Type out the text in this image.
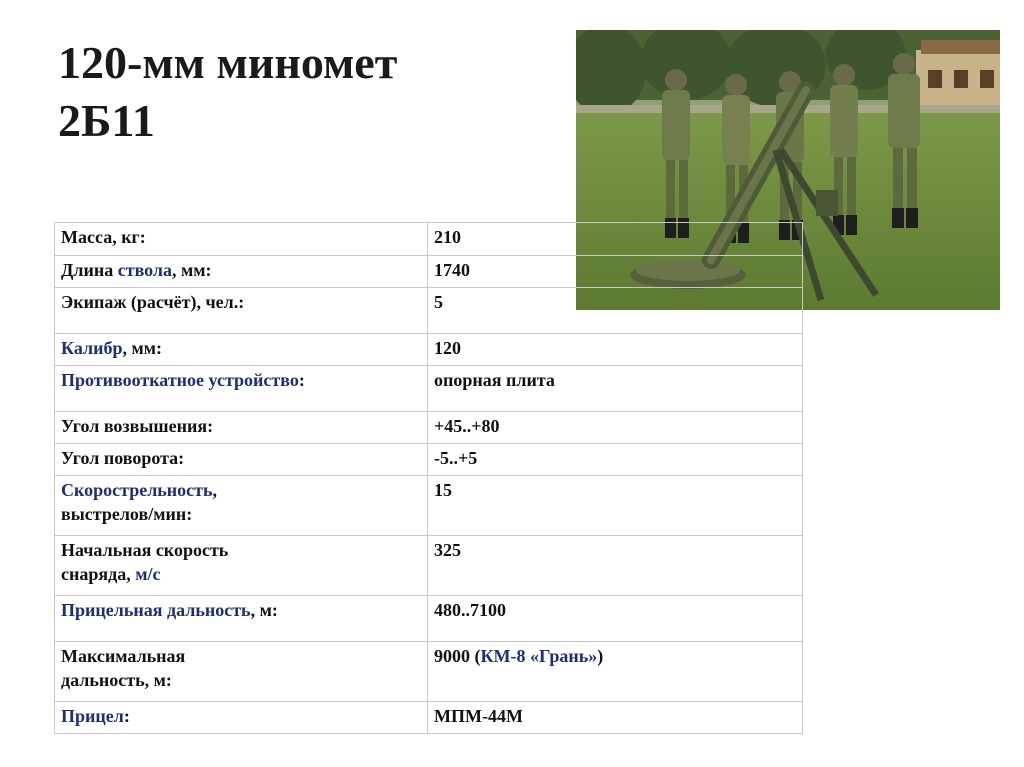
120-мм миномет
2Б11
Масса, кг:	210
Длина ствола, мм:	1740
Экипаж (расчёт), чел.:	5
Калибр, мм:	120
Противооткатное устройство:	опорная плита
Угол возвышения:	+45..+80
Угол поворота:	-5..+5
Скорострельность,
выстрелов/мин:	15
Начальная скорость
снаряда, м/с	325
Прицельная дальность, м:	480..7100
Максимальная
дальность, м:	9000 (КМ-8 «Грань»)
Прицел:	МПМ-44М
